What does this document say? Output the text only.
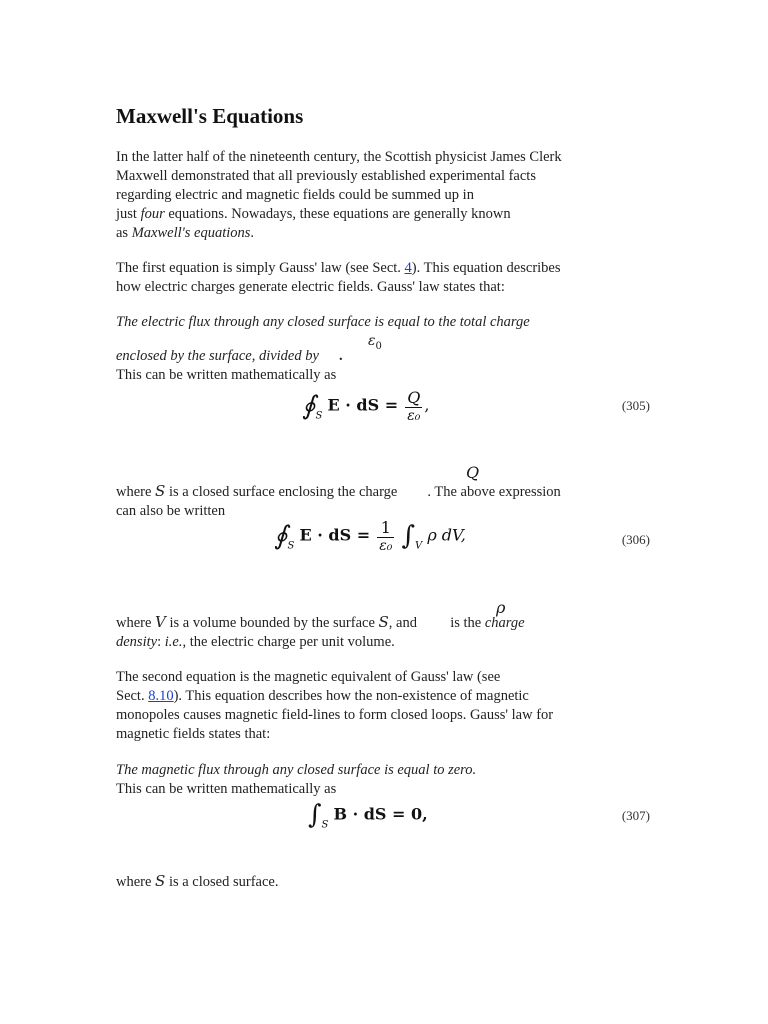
Maxwell's Equations
In the latter half of the nineteenth century, the Scottish physicist James Clerk
Maxwell demonstrated that all previously established experimental facts
regarding electric and magnetic fields could be summed up in
just four equations. Nowadays, these equations are generally known
as Maxwell's equations.
The first equation is simply Gauss' law (see Sect. 4). This equation describes
how electric charges generate electric fields. Gauss' law states that:
The electric flux through any closed surface is equal to the total charge
$\varepsilon_0$
enclosed by the surface, divided by .
This can be written mathematically as
$∮_S$ E · dS = $\frac{Q}{\text{ε₀}}$ ,	(305)
Q
where S is a closed surface enclosing the charge . The above expression
can also be written
$∮_S$ E · dS = $\frac{1}{\text{ε₀}} \int_V$ ρ dV,	(306)
ρ
where V is a volume bounded by the surface S, and  is the charge
density: i.e., the electric charge per unit volume.
The second equation is the magnetic equivalent of Gauss' law (see
Sect. 8.10). This equation describes how the non-existence of magnetic
monopoles causes magnetic field-lines to form closed loops. Gauss' law for
magnetic fields states that:
The magnetic flux through any closed surface is equal to zero.
This can be written mathematically as
$\int_S$ B · dS = 0,	(307)
where S is a closed surface.
